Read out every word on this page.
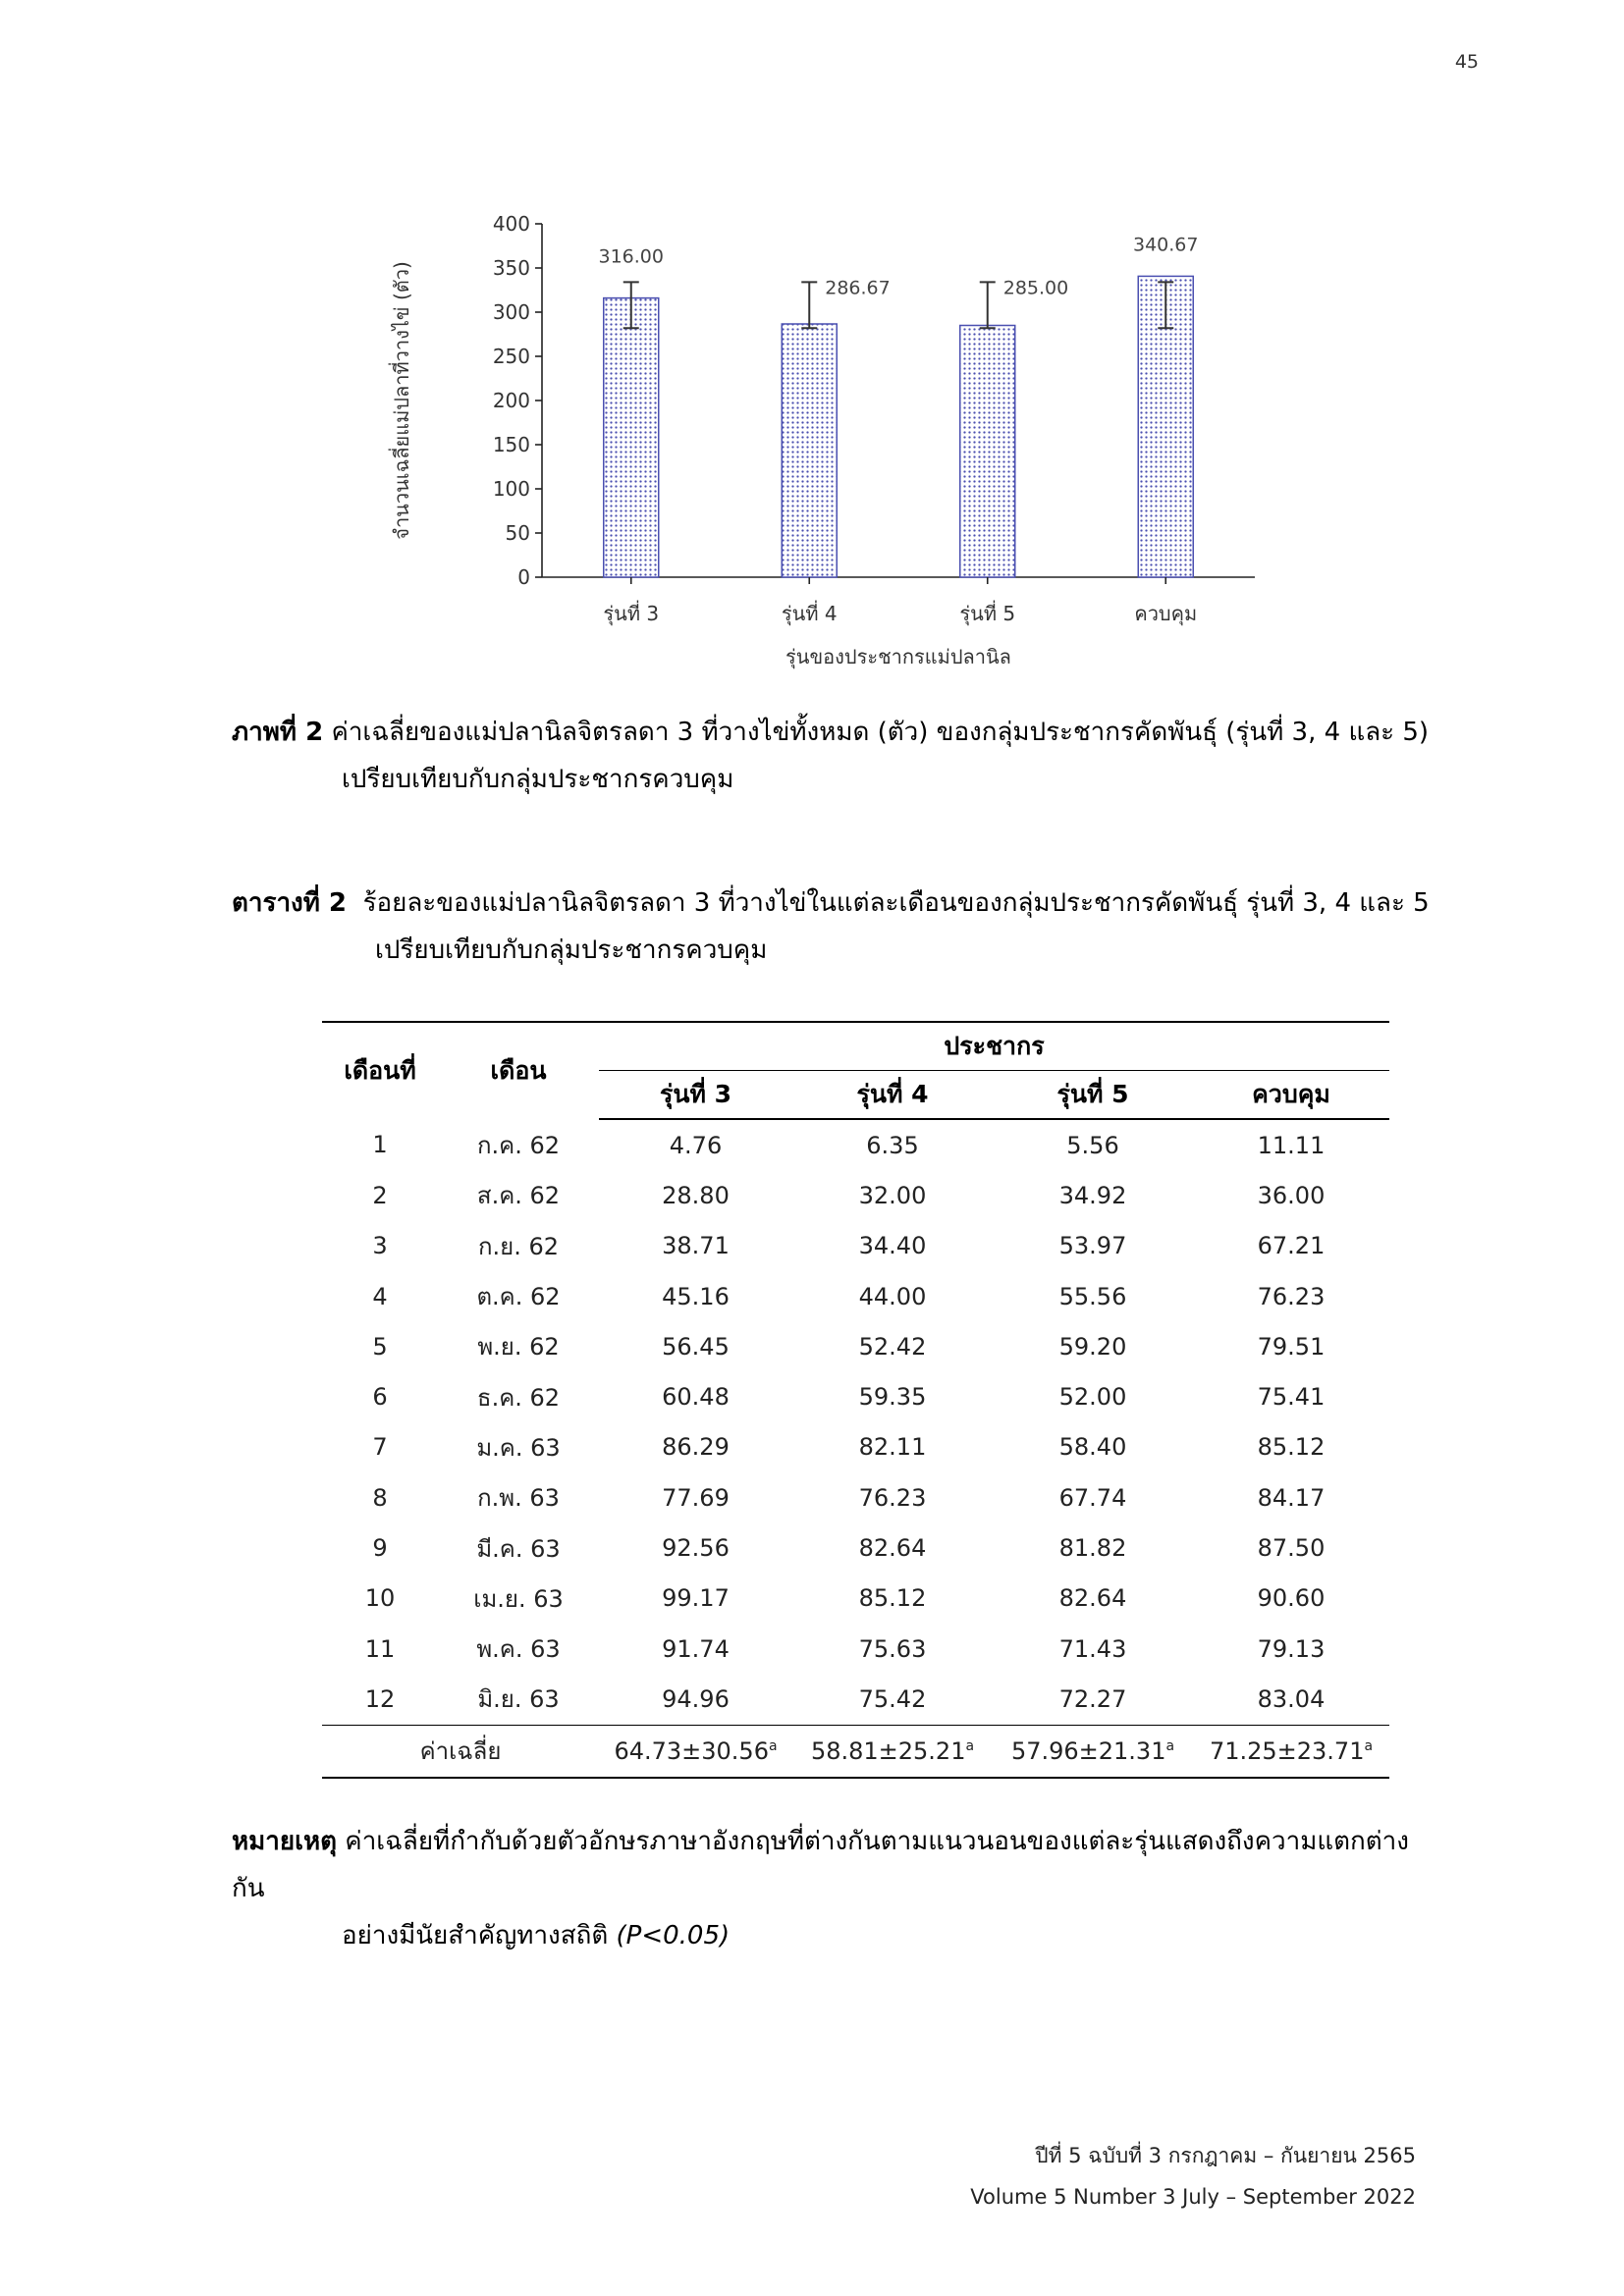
45
0
50
100
150
200
250
300
350
400
316.00
รุ่นที่ 3
286.67
รุ่นที่ 4
285.00
รุ่นที่ 5
340.67
ควบคุม
รุ่นของประชากรแม่ปลานิล
จำนวนเฉลี่ยแม่ปลาที่วางไข่ (ตัว)
ภาพที่ 2 ค่าเฉลี่ยของแม่ปลานิลจิตรลดา 3 ที่วางไข่ทั้งหมด (ตัว) ของกลุ่มประชากรคัดพันธุ์ (รุ่นที่ 3, 4 และ 5)
เปรียบเทียบกับกลุ่มประชากรควบคุม
ตารางที่ 2 ร้อยละของแม่ปลานิลจิตรลดา 3 ที่วางไข่ในแต่ละเดือนของกลุ่มประชากรคัดพันธุ์ รุ่นที่ 3, 4 และ 5
เปรียบเทียบกับกลุ่มประชากรควบคุม
เดือนที่	เดือน	ประชากร			
		รุ่นที่ 3	รุ่นที่ 4	รุ่นที่ 5	ควบคุม
1	ก.ค. 62	4.76	6.35	5.56	11.11
2	ส.ค. 62	28.80	32.00	34.92	36.00
3	ก.ย. 62	38.71	34.40	53.97	67.21
4	ต.ค. 62	45.16	44.00	55.56	76.23
5	พ.ย. 62	56.45	52.42	59.20	79.51
6	ธ.ค. 62	60.48	59.35	52.00	75.41
7	ม.ค. 63	86.29	82.11	58.40	85.12
8	ก.พ. 63	77.69	76.23	67.74	84.17
9	มี.ค. 63	92.56	82.64	81.82	87.50
10	เม.ย. 63	99.17	85.12	82.64	90.60
11	พ.ค. 63	91.74	75.63	71.43	79.13
12	มิ.ย. 63	94.96	75.42	72.27	83.04
ค่าเฉลี่ย		64.73±30.56$^a$	58.81±25.21$^a$	57.96±21.31$^a$	71.25±23.71$^a$
หมายเหตุ ค่าเฉลี่ยที่กำกับด้วยตัวอักษรภาษาอังกฤษที่ต่างกันตามแนวนอนของแต่ละรุ่นแสดงถึงความแตกต่างกัน
อย่างมีนัยสำคัญทางสถิติ (P<0.05)
ปีที่ 5 ฉบับที่ 3 กรกฎาคม – กันยายน 2565
Volume 5 Number 3 July – September 2022
